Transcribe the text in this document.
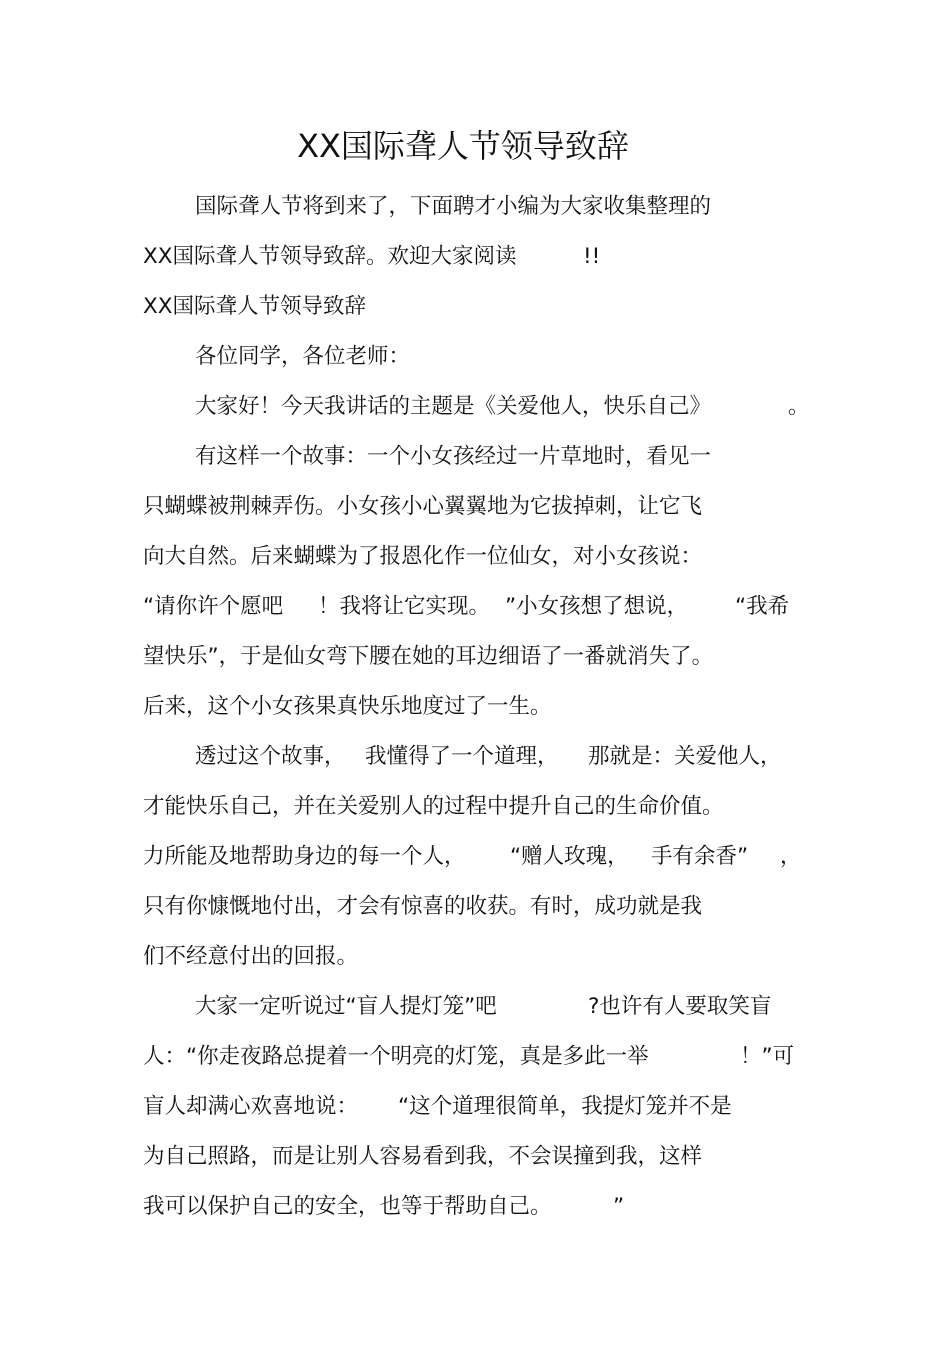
XX国际聋人节领导致辞
国际聋人节将到来了，下面聘才小编为大家收集整理的
XX国际聋人节领导致辞。欢迎大家阅读	!!
XX国际聋人节领导致辞
各位同学，各位老师：
大家好！今天我讲话的主题是《关爱他人，快乐自己》	。
有这样一个故事：一个小女孩经过一片草地时，看见一
只蝴蝶被荆棘弄伤。小女孩小心翼翼地为它拔掉刺，让它飞
向大自然。后来蝴蝶为了报恩化作一位仙女，对小女孩说：
“请你许个愿吧 ！我将让它实现。 ”小女孩想了想说， “我希
望快乐”，于是仙女弯下腰在她的耳边细语了一番就消失了。
后来，这个小女孩果真快乐地度过了一生。
透过这个故事， 我懂得了一个道理， 那就是：关爱他人，
才能快乐自己，并在关爱别人的过程中提升自己的生命价值。
力所能及地帮助身边的每一个人， “赠人玫瑰， 手有余香” ，
只有你慷慨地付出，才会有惊喜的收获。有时，成功就是我
们不经意付出的回报。
大家一定听说过“盲人提灯笼”吧	?也许有人要取笑盲
人：“你走夜路总提着一个明亮的灯笼，真是多此一举	！”可
盲人却满心欢喜地说： “这个道理很简单，我提灯笼并不是
为自己照路，而是让别人容易看到我，不会误撞到我，这样
我可以保护自己的安全，也等于帮助自己。	”
